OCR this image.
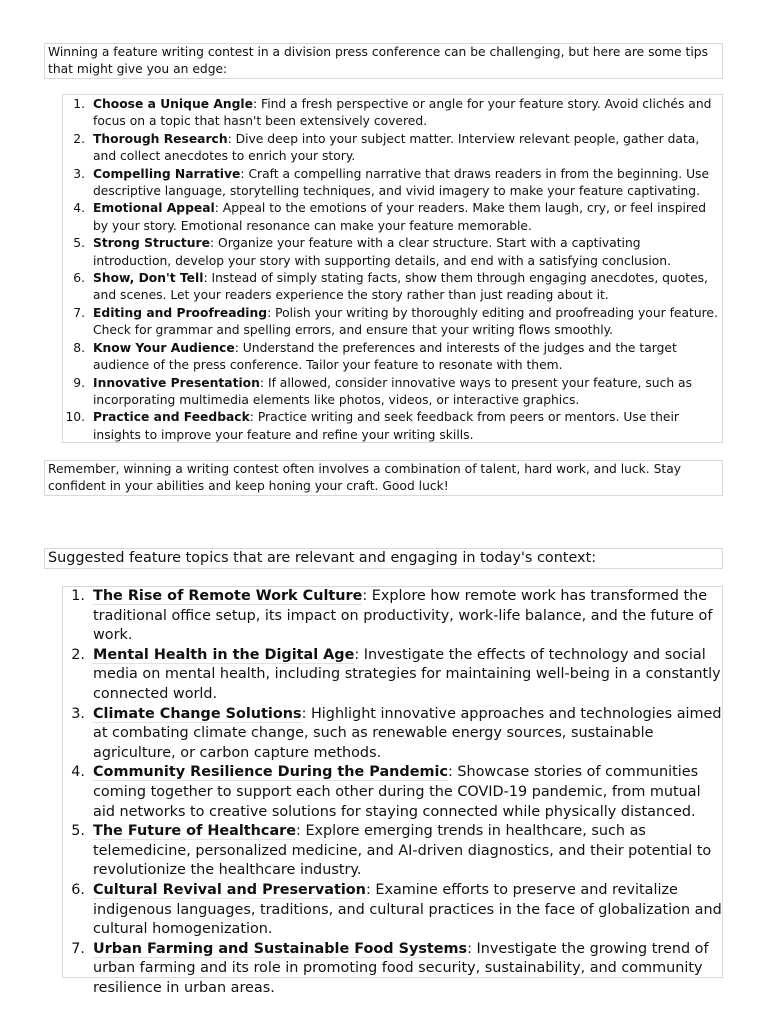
Winning a feature writing contest in a division press conference can be challenging, but here are some tips that might give you an edge:
1. Choose a Unique Angle: Find a fresh perspective or angle for your feature story. Avoid clichés and focus on a topic that hasn't been extensively covered.
2. Thorough Research: Dive deep into your subject matter. Interview relevant people, gather data, and collect anecdotes to enrich your story.
3. Compelling Narrative: Craft a compelling narrative that draws readers in from the beginning. Use descriptive language, storytelling techniques, and vivid imagery to make your feature captivating.
4. Emotional Appeal: Appeal to the emotions of your readers. Make them laugh, cry, or feel inspired by your story. Emotional resonance can make your feature memorable.
5. Strong Structure: Organize your feature with a clear structure. Start with a captivating introduction, develop your story with supporting details, and end with a satisfying conclusion.
6. Show, Don't Tell: Instead of simply stating facts, show them through engaging anecdotes, quotes, and scenes. Let your readers experience the story rather than just reading about it.
7. Editing and Proofreading: Polish your writing by thoroughly editing and proofreading your feature. Check for grammar and spelling errors, and ensure that your writing flows smoothly.
8. Know Your Audience: Understand the preferences and interests of the judges and the target audience of the press conference. Tailor your feature to resonate with them.
9. Innovative Presentation: If allowed, consider innovative ways to present your feature, such as incorporating multimedia elements like photos, videos, or interactive graphics.
10. Practice and Feedback: Practice writing and seek feedback from peers or mentors. Use their insights to improve your feature and refine your writing skills.
Remember, winning a writing contest often involves a combination of talent, hard work, and luck. Stay confident in your abilities and keep honing your craft. Good luck!
Suggested feature topics that are relevant and engaging in today's context:
1. The Rise of Remote Work Culture: Explore how remote work has transformed the traditional office setup, its impact on productivity, work-life balance, and the future of work.
2. Mental Health in the Digital Age: Investigate the effects of technology and social media on mental health, including strategies for maintaining well-being in a constantly connected world.
3. Climate Change Solutions: Highlight innovative approaches and technologies aimed at combating climate change, such as renewable energy sources, sustainable agriculture, or carbon capture methods.
4. Community Resilience During the Pandemic: Showcase stories of communities coming together to support each other during the COVID-19 pandemic, from mutual aid networks to creative solutions for staying connected while physically distanced.
5. The Future of Healthcare: Explore emerging trends in healthcare, such as telemedicine, personalized medicine, and AI-driven diagnostics, and their potential to revolutionize the healthcare industry.
6. Cultural Revival and Preservation: Examine efforts to preserve and revitalize indigenous languages, traditions, and cultural practices in the face of globalization and cultural homogenization.
7. Urban Farming and Sustainable Food Systems: Investigate the growing trend of urban farming and its role in promoting food security, sustainability, and community resilience in urban areas.
